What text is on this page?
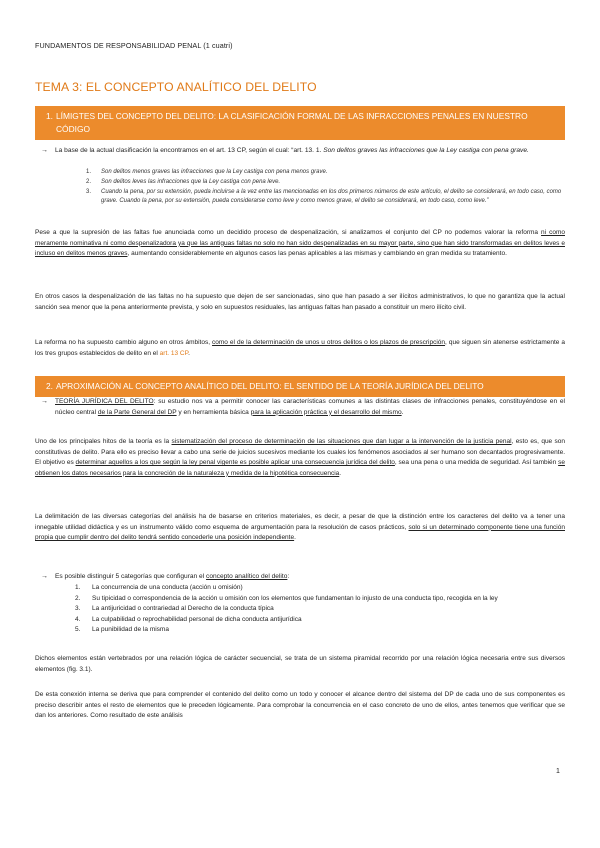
FUNDAMENTOS DE RESPONSABILIDAD PENAL (1 cuatri)
TEMA 3: EL CONCEPTO ANALÍTICO DEL DELITO
1. LÍMIGTES DEL CONCEPTO DEL DELITO: LA CLASIFICACIÓN FORMAL DE LAS INFRACCIONES PENALES EN NUESTRO CÓDIGO
→ La base de la actual clasificación la encontramos en el art. 13 CP, según el cual: “art. 13. 1. Son delitos graves las infracciones que la Ley castiga con pena grave.
1. Son delitos menos graves las infracciones que la Ley castiga con pena menos grave.
2. Son delitos leves las infracciones que la Ley castiga con pena leve.
3. Cuando la pena, por su extensión, pueda incluirse a la vez entre las mencionadas en los dos primeros números de este artículo, el delito se considerará, en todo caso, como grave. Cuando la pena, por su extensión, pueda considerarse como leve y como menos grave, el delito se considerará, en todo caso, como leve.”
Pese a que la supresión de las faltas fue anunciada como un decidido proceso de despenalización, si analizamos el conjunto del CP no podemos valorar la reforma ni como meramente nominativa ni como despenalizadora ya que las antiguas faltas no solo no han sido despenalizadas en su mayor parte, sino que han sido transformadas en delitos leves e incluso en delitos menos graves, aumentando considerablemente en algunos casos las penas aplicables a las mismas y cambiando en gran medida su tratamiento.
En otros casos la despenalización de las faltas no ha supuesto que dejen de ser sancionadas, sino que han pasado a ser ilícitos administrativos, lo que no garantiza que la actual sanción sea menor que la pena anteriormente prevista, y solo en supuestos residuales, las antiguas faltas han pasado a constituir un mero ilícito civil.
La reforma no ha supuesto cambio alguno en otros ámbitos, como el de la determinación de unos u otros delitos o los plazos de prescripción, que siguen sin atenerse estrictamente a los tres grupos establecidos de delito en el art. 13 CP.
2. APROXIMACIÓN AL CONCEPTO ANALÍTICO DEL DELITO: EL SENTIDO DE LA TEORÍA JURÍDICA DEL DELITO
→ TEORÍA JURÍDICA DEL DELITO: su estudio nos va a permitir conocer las características comunes a las distintas clases de infracciones penales, constituyéndose en el núcleo central de la Parte General del DP y en herramienta básica para la aplicación práctica y el desarrollo del mismo.
Uno de los principales hitos de la teoría es la sistematización del proceso de determinación de las situaciones que dan lugar a la intervención de la justicia penal, esto es, que son constitutivas de delito. Para ello es preciso llevar a cabo una serie de juicios sucesivos mediante los cuales los fenómenos asociados al ser humano son decantados progresivamente. El objetivo es determinar aquellos a los que según la ley penal vigente es posible aplicar una consecuencia jurídica del delito, sea una pena o una medida de seguridad. Así también se obtienen los datos necesarios para la concreción de la naturaleza y medida de la hipotética consecuencia.
La delimitación de las diversas categorías del análisis ha de basarse en criterios materiales, es decir, a pesar de que la distinción entre los caracteres del delito va a tener una innegable utilidad didáctica y es un instrumento válido como esquema de argumentación para la resolución de casos prácticos, solo si un determinado componente tiene una función propia que cumplir dentro del delito tendrá sentido concederle una posición independiente.
→ Es posible distinguir 5 categorías que configuran el concepto analítico del delito:
1. La concurrencia de una conducta (acción u omisión)
2. Su tipicidad o correspondencia de la acción u omisión con los elementos que fundamentan lo injusto de una conducta tipo, recogida en la ley
3. La antijuricidad o contrariedad al Derecho de la conducta típica
4. La culpabilidad o reprochabilidad personal de dicha conducta antijurídica
5. La punibilidad de la misma
Dichos elementos están vertebrados por una relación lógica de carácter secuencial, se trata de un sistema piramidal recorrido por una relación lógica necesaria entre sus diversos elementos (fig. 3.1).
De esta conexión interna se deriva que para comprender el contenido del delito como un todo y conocer el alcance dentro del sistema del DP de cada uno de sus componentes es preciso describir antes el resto de elementos que le preceden lógicamente. Para comprobar la concurrencia en el caso concreto de uno de ellos, antes tenemos que verificar que se dan los anteriores. Como resultado de este análisis
1
